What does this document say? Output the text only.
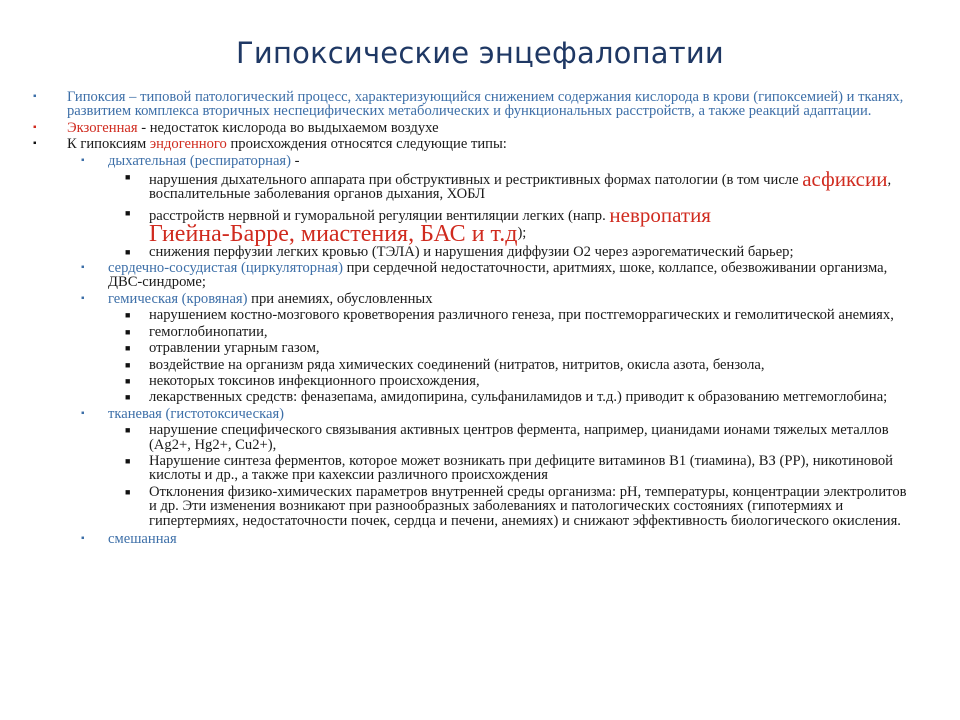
Гипоксические энцефалопатии
▪ Гипоксия – типовой патологический процесс, характеризующийся снижением содержания кислорода в крови (гипоксемией) и тканях, развитием комплекса вторичных неспецифических метаболических и функциональных расстройств, а также реакций адаптации.
▪ Экзогенная - недостаток кислорода во выдыхаемом воздухе
▪ К гипоксиям эндогенного происхождения относятся следующие типы:
▪ дыхательная (респираторная) -
■ нарушения дыхательного аппарата при обструктивных и рестриктивных формах патологии (в том числе асфиксии, воспалительные заболевания органов дыхания, ХОБЛ
■ расстройств нервной и гуморальной регуляции вентиляции легких (напр. невропатия
Гиейна-Барре, миастения, БАС и т.д);
■ снижения перфузии легких кровью (ТЭЛА) и нарушения диффузии О2 через аэрогематический барьер;
▪ сердечно-сосудистая (циркуляторная) при сердечной недостаточности, аритмиях, шоке, коллапсе, обезвоживании организма, ДВС-синдроме;
▪ гемическая (кровяная) при анемиях, обусловленных
■ нарушением костно-мозгового кроветворения различного генеза, при постгеморрагических и гемолитической анемиях,
■ гемоглобинопатии,
■ отравлении угарным газом,
■ воздействие на организм ряда химических соединений (нитратов, нитритов, окисла азота, бензола,
■ некоторых токсинов инфекционного происхождения,
■ лекарственных средств: феназепама, амидопирина, сульфаниламидов и т.д.) приводит к образованию метгемоглобина;
▪ тканевая (гистотоксическая)
■ нарушение специфического связывания активных центров фермента, например, цианидами ионами тяжелых металлов (Ag2+, Hg2+, Cu2+),
■ Нарушение синтеза ферментов, которое может возникать при дефиците витаминов В1 (тиамина), ВЗ (РР), никотиновой кислоты и др., а также при кахексии различного происхождения
■ Отклонения физико-химических параметров внутренней среды организма: pH, температуры, концентрации электролитов и др. Эти изменения возникают при разнообразных заболеваниях и патологических состояниях (гипотермиях и гипертермиях, недостаточности почек, сердца и печени, анемиях) и снижают эффективность биологического окисления.
▪ смешанная
